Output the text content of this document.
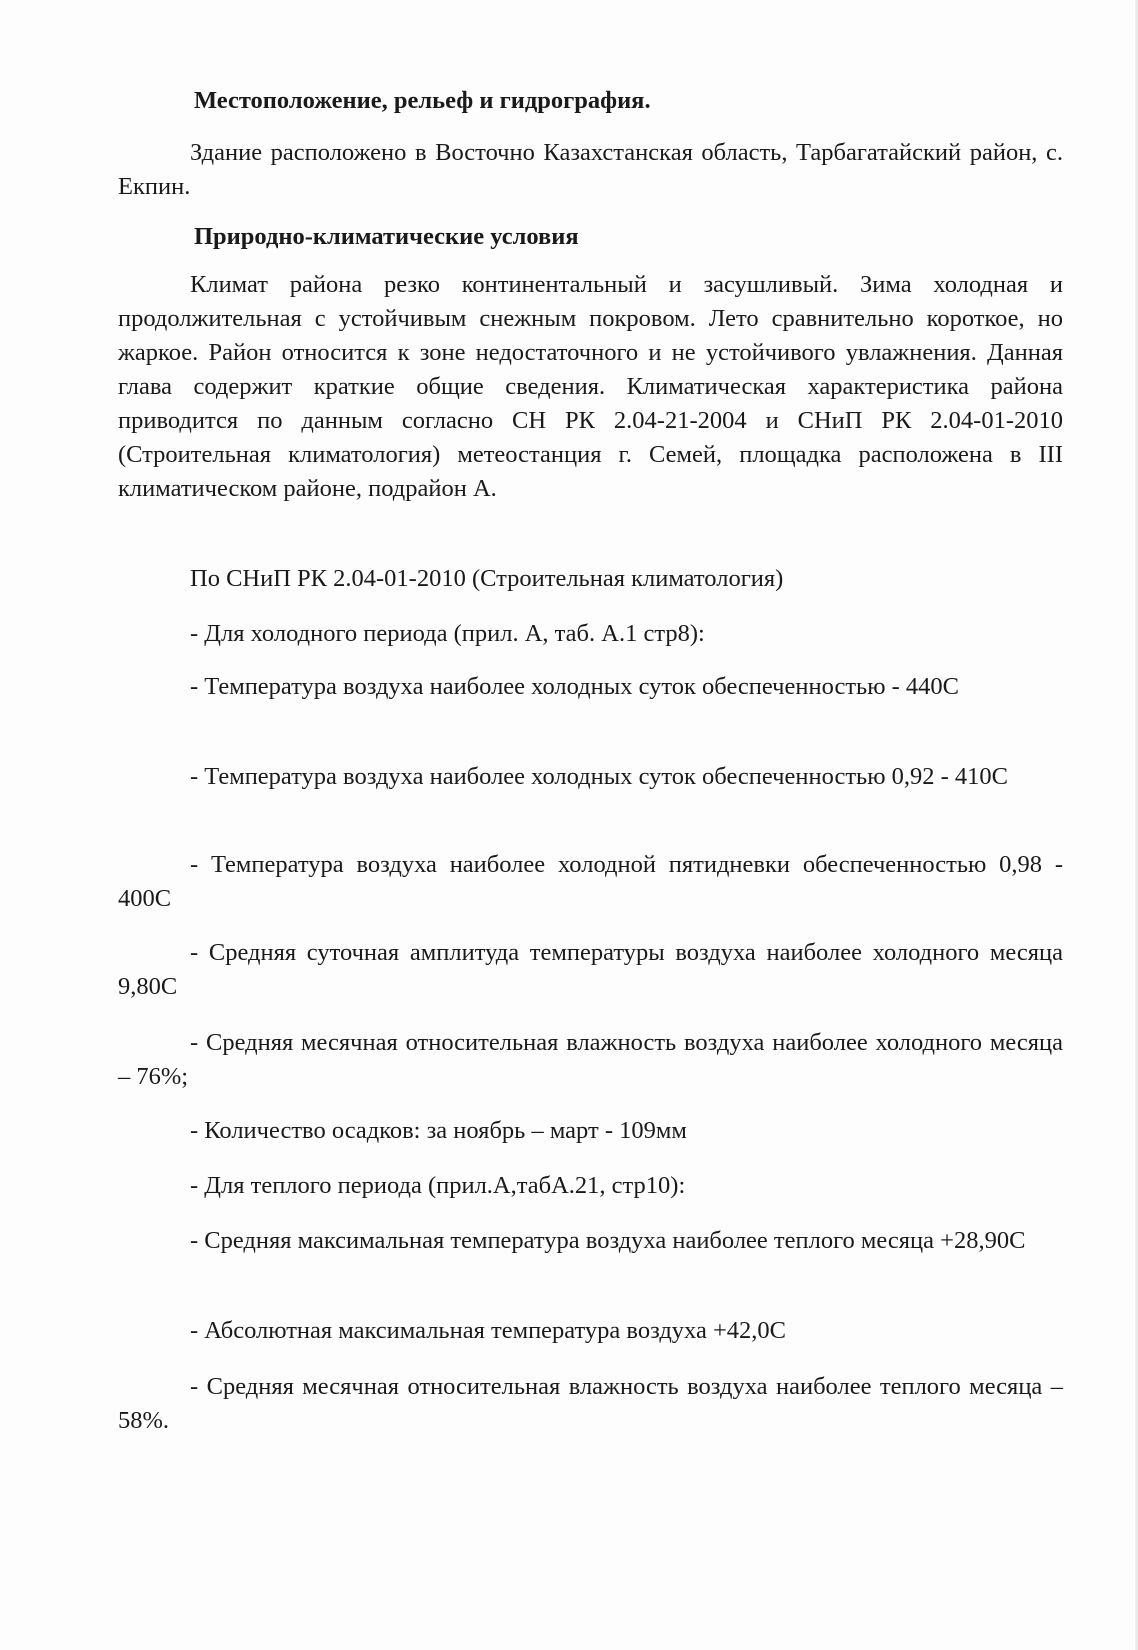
Местоположение, рельеф и гидрография.
Здание расположено в Восточно Казахстанская область, Тарбагатайский район, с. Екпин.
Природно-климатические условия
Климат района резко континентальный и засушливый. Зима холодная и продолжительная с устойчивым снежным покровом. Лето сравнительно короткое, но жаркое. Район относится к зоне недостаточного и не устойчивого увлажнения. Данная глава содержит краткие общие сведения. Климатическая характеристика района приводится по данным согласно СН РК 2.04-21-2004 и СНиП РК 2.04-01-2010 (Строительная климатология) метеостанция г. Семей, площадка расположена в III климатическом районе, подрайон А.
По СНиП РК 2.04-01-2010 (Строительная климатология)
- Для холодного периода (прил. А, таб. А.1 стр8):
- Температура воздуха наиболее холодных суток обеспеченностью - 440С
- Температура воздуха наиболее холодных суток обеспеченностью 0,92 - 410С
- Температура воздуха наиболее холодной пятидневки обеспеченностью 0,98 - 400С
- Средняя суточная амплитуда температуры воздуха наиболее холодного месяца 9,80С
- Средняя месячная относительная влажность воздуха наиболее холодного месяца – 76%;
- Количество осадков: за ноябрь – март - 109мм
- Для теплого периода (прил.А,табА.21, стр10):
- Средняя максимальная температура воздуха наиболее теплого месяца +28,90С
- Абсолютная максимальная температура воздуха +42,0С
- Средняя месячная относительная влажность воздуха наиболее теплого месяца – 58%.
